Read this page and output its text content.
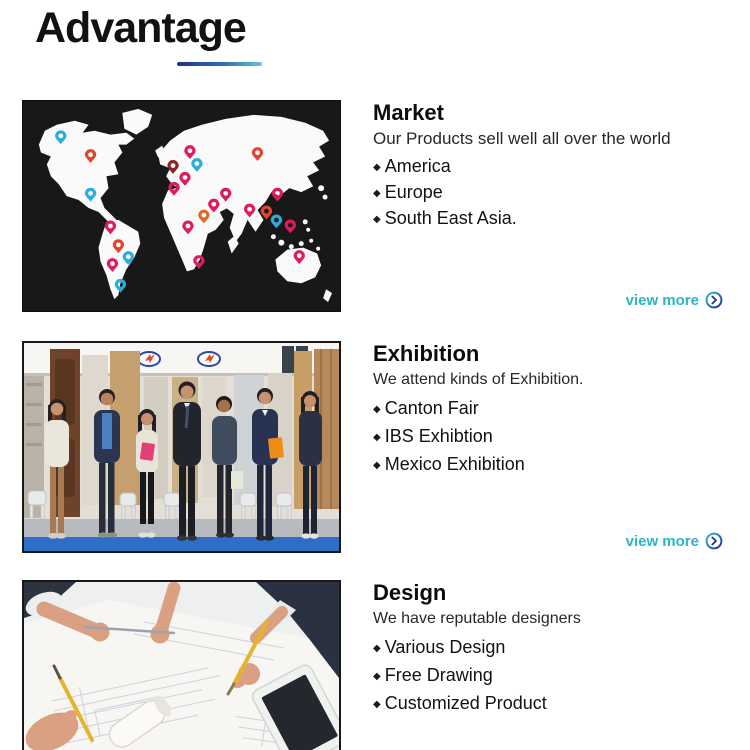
Advantage
Market

Our Products sell well all over the world

◆ America
◆ Europe
◆ South East Asia.
view more
Exhibition

We attend kinds of Exhibition.

◆ Canton Fair
◆ IBS Exhibtion
◆ Mexico Exhibition
view more
Design

We have reputable designers

◆ Various Design
◆ Free Drawing
◆ Customized Product
